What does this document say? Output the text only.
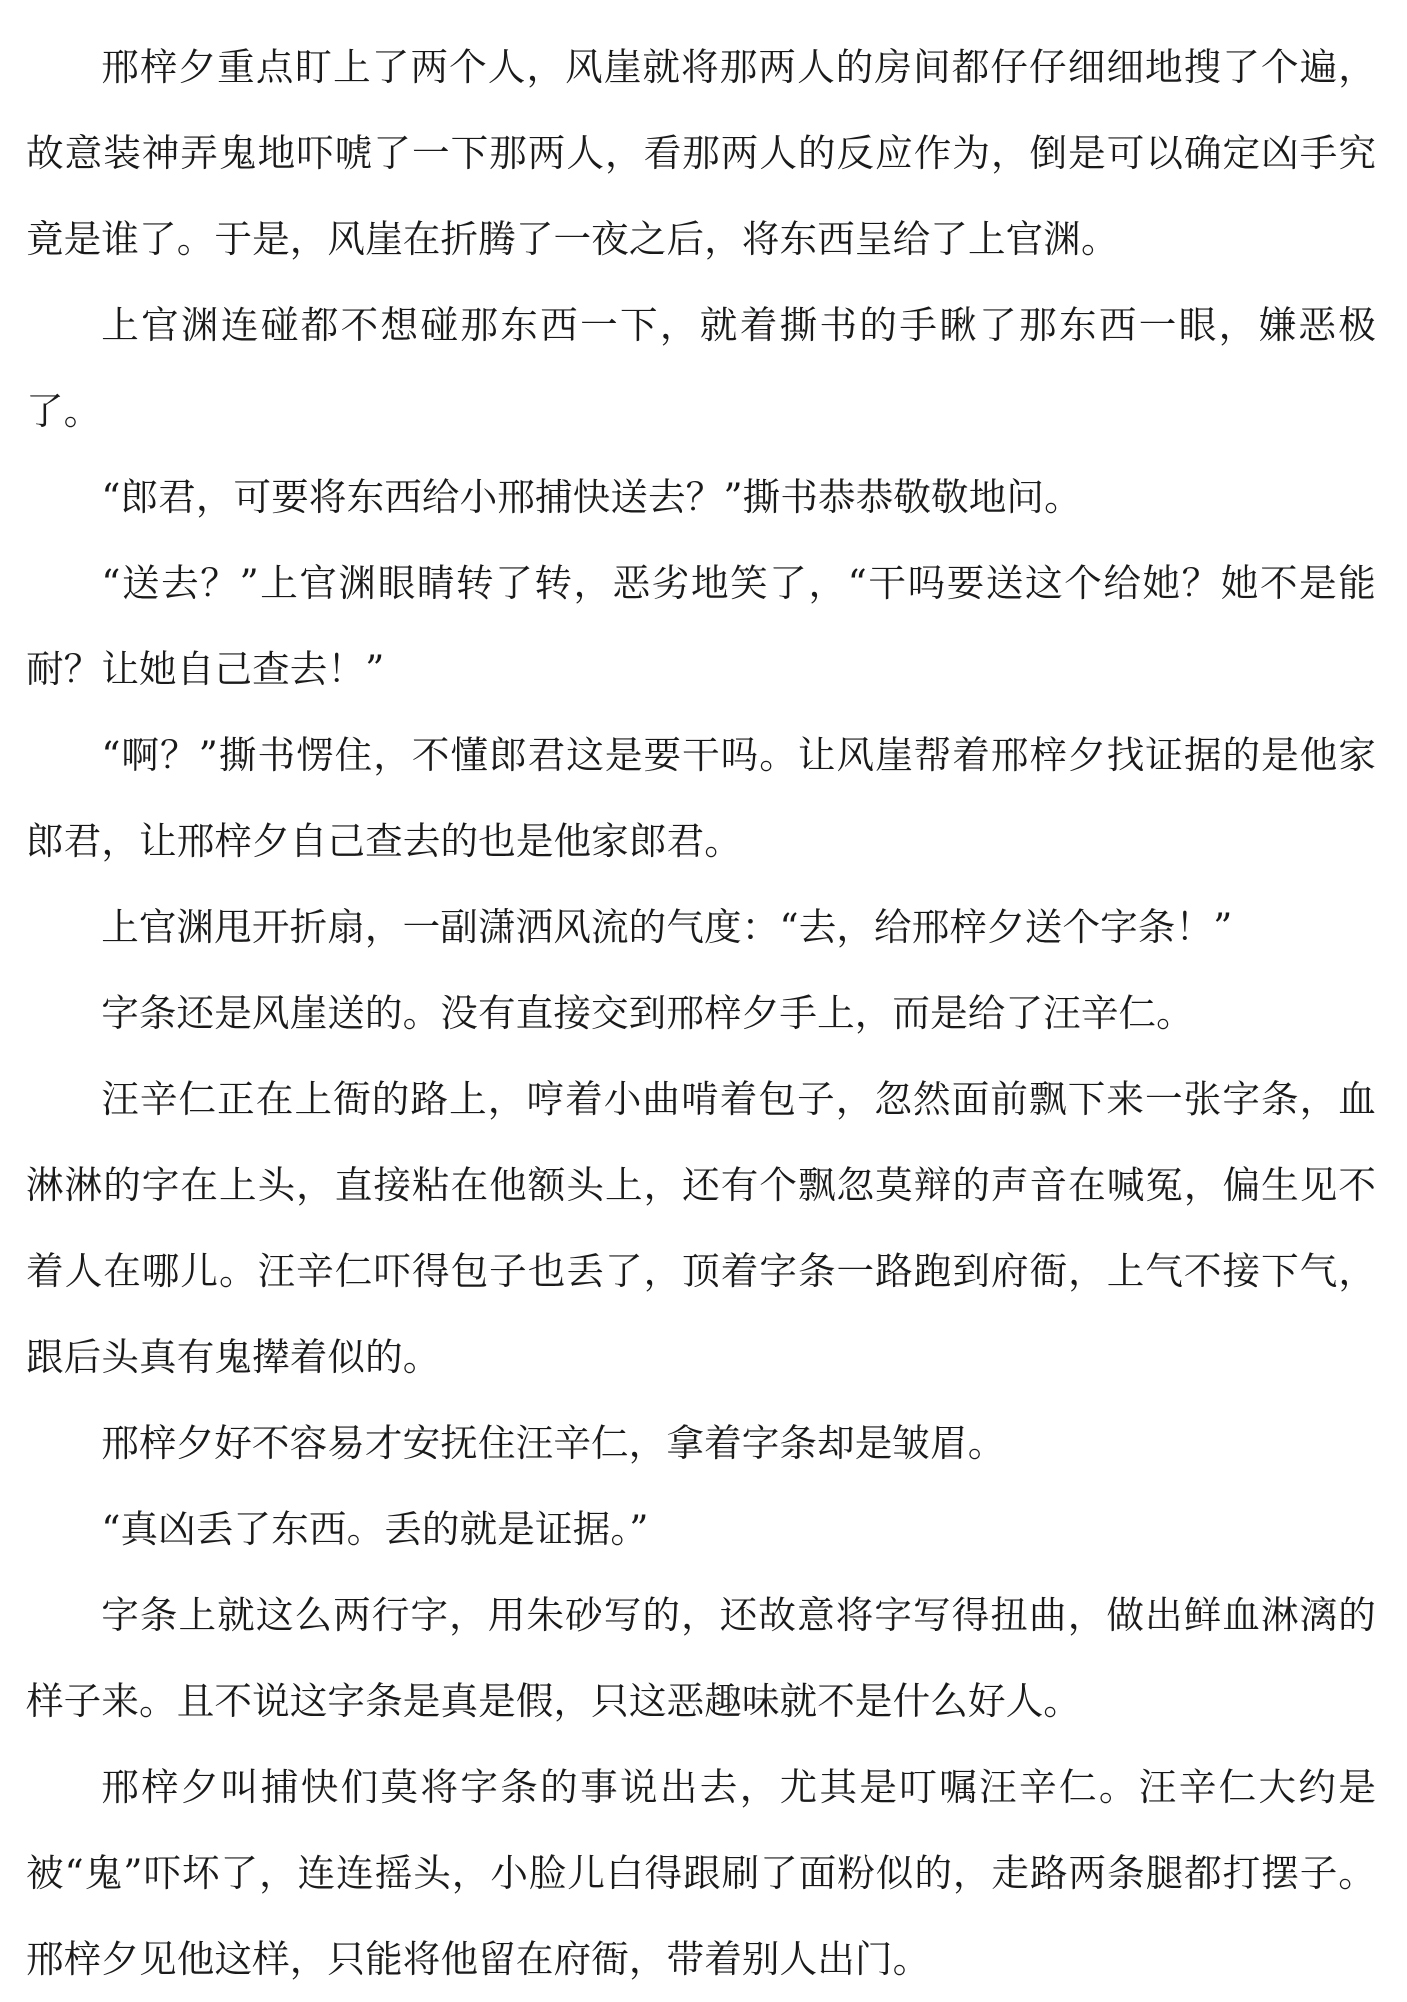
邢梓夕重点盯上了两个人，风崖就将那两人的房间都仔仔细细地搜了个遍，故意装神弄鬼地吓唬了一下那两人，看那两人的反应作为，倒是可以确定凶手究竟是谁了。于是，风崖在折腾了一夜之后，将东西呈给了上官渊。

上官渊连碰都不想碰那东西一下，就着撕书的手瞅了那东西一眼，嫌恶极了。

“郎君，可要将东西给小邢捕快送去？”撕书恭恭敬敬地问。

“送去？”上官渊眼睛转了转，恶劣地笑了，“干吗要送这个给她？她不是能耐？让她自己查去！”

“啊？”撕书愣住，不懂郎君这是要干吗。让风崖帮着邢梓夕找证据的是他家郎君，让邢梓夕自己查去的也是他家郎君。

上官渊甩开折扇，一副潇洒风流的气度：“去，给邢梓夕送个字条！”

字条还是风崖送的。没有直接交到邢梓夕手上，而是给了汪辛仁。

汪辛仁正在上衙的路上，哼着小曲啃着包子，忽然面前飘下来一张字条，血淋淋的字在上头，直接粘在他额头上，还有个飘忽莫辩的声音在喊冤，偏生见不着人在哪儿。汪辛仁吓得包子也丢了，顶着字条一路跑到府衙，上气不接下气，跟后头真有鬼撵着似的。

邢梓夕好不容易才安抚住汪辛仁，拿着字条却是皱眉。

“真凶丢了东西。丢的就是证据。”

字条上就这么两行字，用朱砂写的，还故意将字写得扭曲，做出鲜血淋漓的样子来。且不说这字条是真是假，只这恶趣味就不是什么好人。

邢梓夕叫捕快们莫将字条的事说出去，尤其是叮嘱汪辛仁。汪辛仁大约是被“鬼”吓坏了，连连摇头，小脸儿白得跟刷了面粉似的，走路两条腿都打摆子。邢梓夕见他这样，只能将他留在府衙，带着别人出门。
